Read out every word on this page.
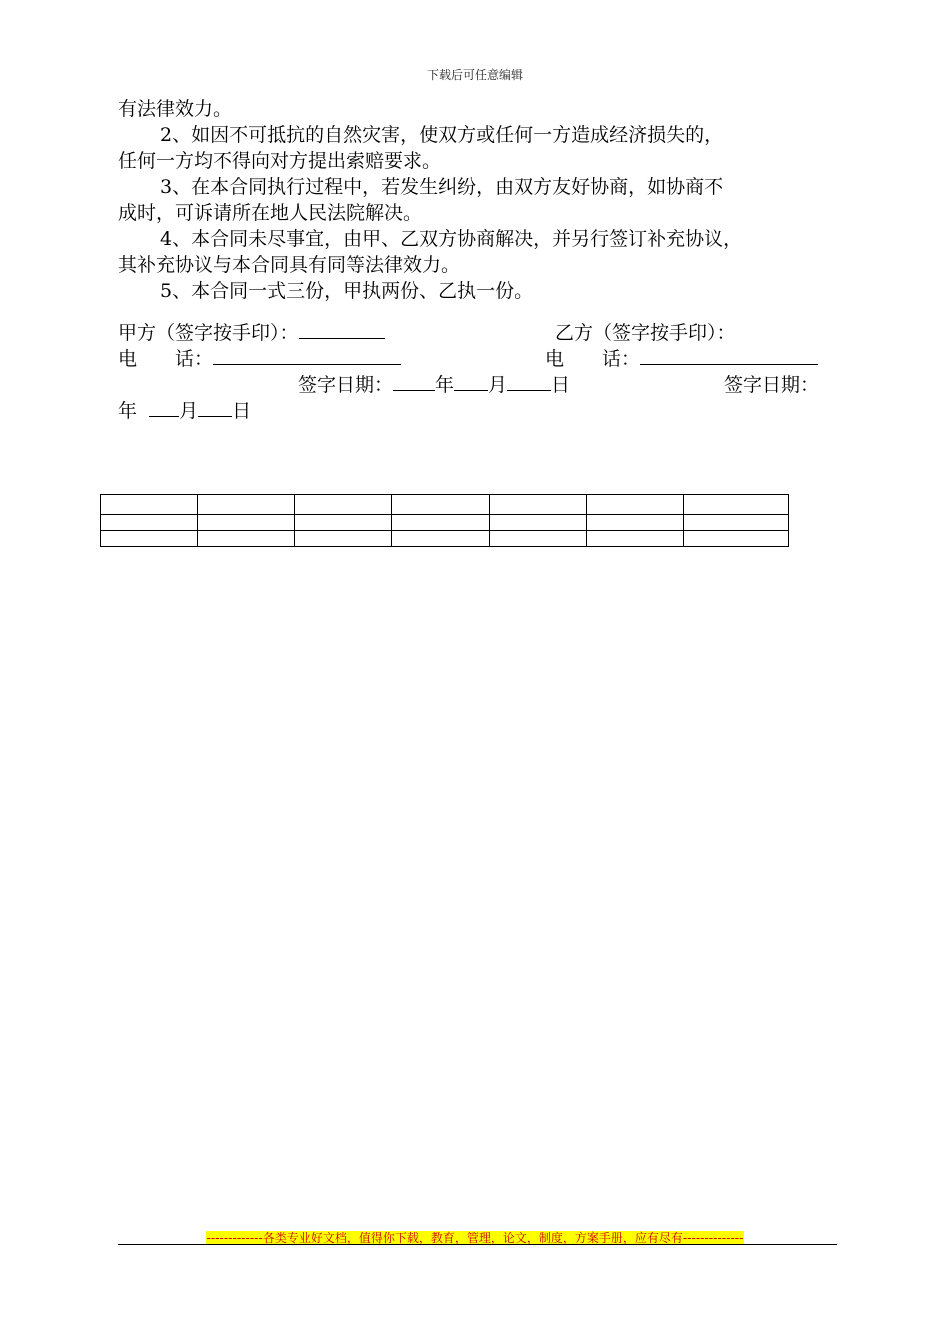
下载后可任意编辑

有法律效力。

2、如因不可抵抗的自然灾害，使双方或任何一方造成经济损失的，

任何一方均不得向对方提出索赔要求。

3、在本合同执行过程中，若发生纠纷，由双方友好协商，如协商不

成时，可诉请所在地人民法院解决。

4、本合同未尽事宜，由甲、乙双方协商解决，并另行签订补充协议，

其补充协议与本合同具有同等法律效力。

5、本合同一式三份，甲执两份、乙执一份。

甲方（签字按手印）：	乙方（签字按手印）：
电　　话：	电　　话：
签字日期： 年 月 日	签字日期：
年 月 日

-------------各类专业好文档，值得你下载，教育，管理，论文，制度，方案手册，应有尽有--------------
